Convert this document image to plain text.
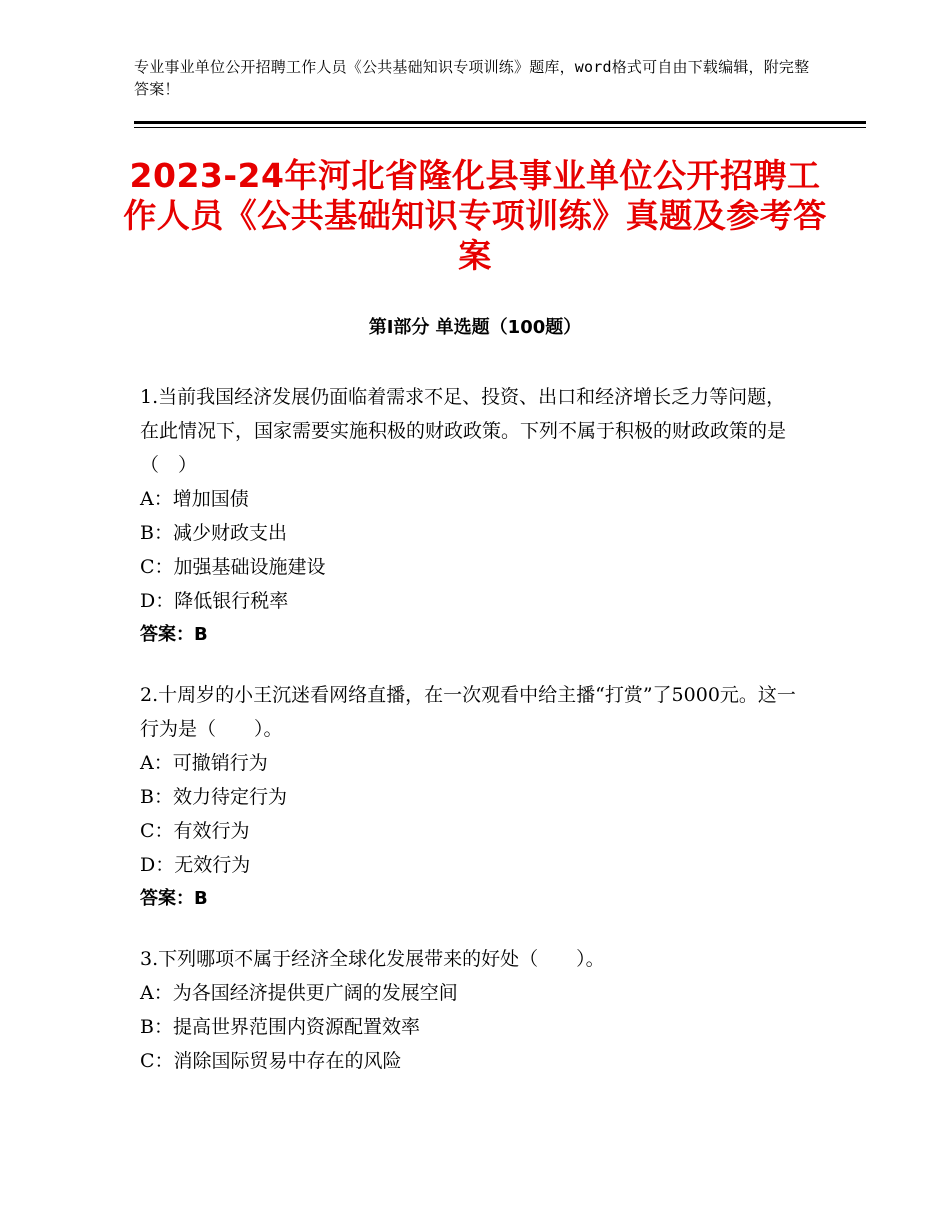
专业事业单位公开招聘工作人员《公共基础知识专项训练》题库，word格式可自由下载编辑，附完整答案！
2023-24年河北省隆化县事业单位公开招聘工作人员《公共基础知识专项训练》真题及参考答案
第Ⅰ部分 单选题（100题）

1.当前我国经济发展仍面临着需求不足、投资、出口和经济增长乏力等问题，在此情况下，国家需要实施积极的财政政策。下列不属于积极的财政政策的是（　）

A：增加国债

B：减少财政支出

C：加强基础设施建设

D：降低银行税率

答案：B

2.十周岁的小王沉迷看网络直播，在一次观看中给主播“打赏”了5000元。这一行为是（　　）。

A：可撤销行为

B：效力待定行为

C：有效行为

D：无效行为

答案：B

3.下列哪项不属于经济全球化发展带来的好处（　　）。

A：为各国经济提供更广阔的发展空间

B：提高世界范围内资源配置效率

C：消除国际贸易中存在的风险
